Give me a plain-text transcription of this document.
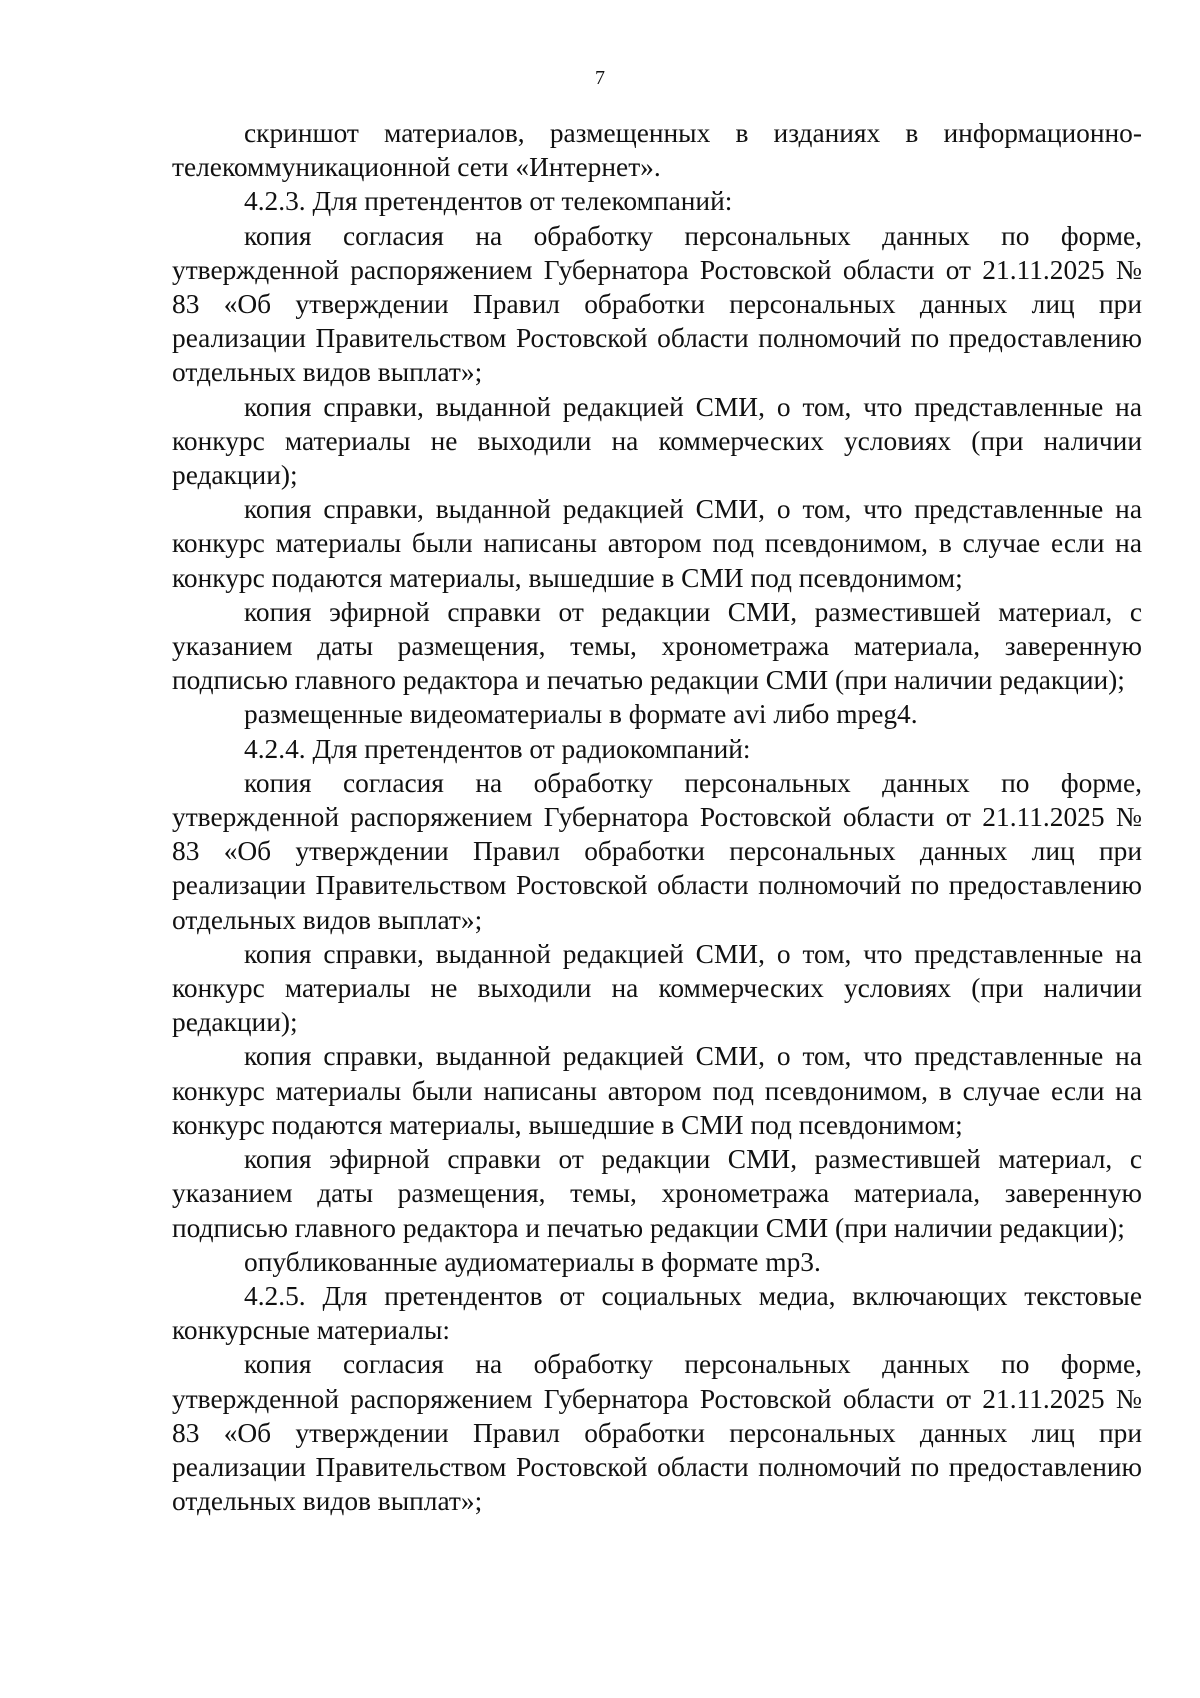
7

скриншот материалов, размещенных в изданиях в информационно-телекоммуникационной сети «Интернет».

4.2.3. Для претендентов от телекомпаний:

копия согласия на обработку персональных данных по форме, утвержденной распоряжением Губернатора Ростовской области от 21.11.2025 № 83 «Об утверждении Правил обработки персональных данных лиц при реализации Правительством Ростовской области полномочий по предоставлению отдельных видов выплат»;

копия справки, выданной редакцией СМИ, о том, что представленные на конкурс материалы не выходили на коммерческих условиях (при наличии редакции);

копия справки, выданной редакцией СМИ, о том, что представленные на конкурс материалы были написаны автором под псевдонимом, в случае если на конкурс подаются материалы, вышедшие в СМИ под псевдонимом;

копия эфирной справки от редакции СМИ, разместившей материал, с указанием даты размещения, темы, хронометража материала, заверенную подписью главного редактора и печатью редакции СМИ (при наличии редакции);

размещенные видеоматериалы в формате avi либо mpeg4.

4.2.4. Для претендентов от радиокомпаний:

копия согласия на обработку персональных данных по форме, утвержденной распоряжением Губернатора Ростовской области от 21.11.2025 № 83 «Об утверждении Правил обработки персональных данных лиц при реализации Правительством Ростовской области полномочий по предоставлению отдельных видов выплат»;

копия справки, выданной редакцией СМИ, о том, что представленные на конкурс материалы не выходили на коммерческих условиях (при наличии редакции);

копия справки, выданной редакцией СМИ, о том, что представленные на конкурс материалы были написаны автором под псевдонимом, в случае если на конкурс подаются материалы, вышедшие в СМИ под псевдонимом;

копия эфирной справки от редакции СМИ, разместившей материал, с указанием даты размещения, темы, хронометража материала, заверенную подписью главного редактора и печатью редакции СМИ (при наличии редакции);

опубликованные аудиоматериалы в формате mp3.

4.2.5. Для претендентов от социальных медиа, включающих текстовые конкурсные материалы:

копия согласия на обработку персональных данных по форме, утвержденной распоряжением Губернатора Ростовской области от 21.11.2025 № 83 «Об утверждении Правил обработки персональных данных лиц при реализации Правительством Ростовской области полномочий по предоставлению отдельных видов выплат»;
